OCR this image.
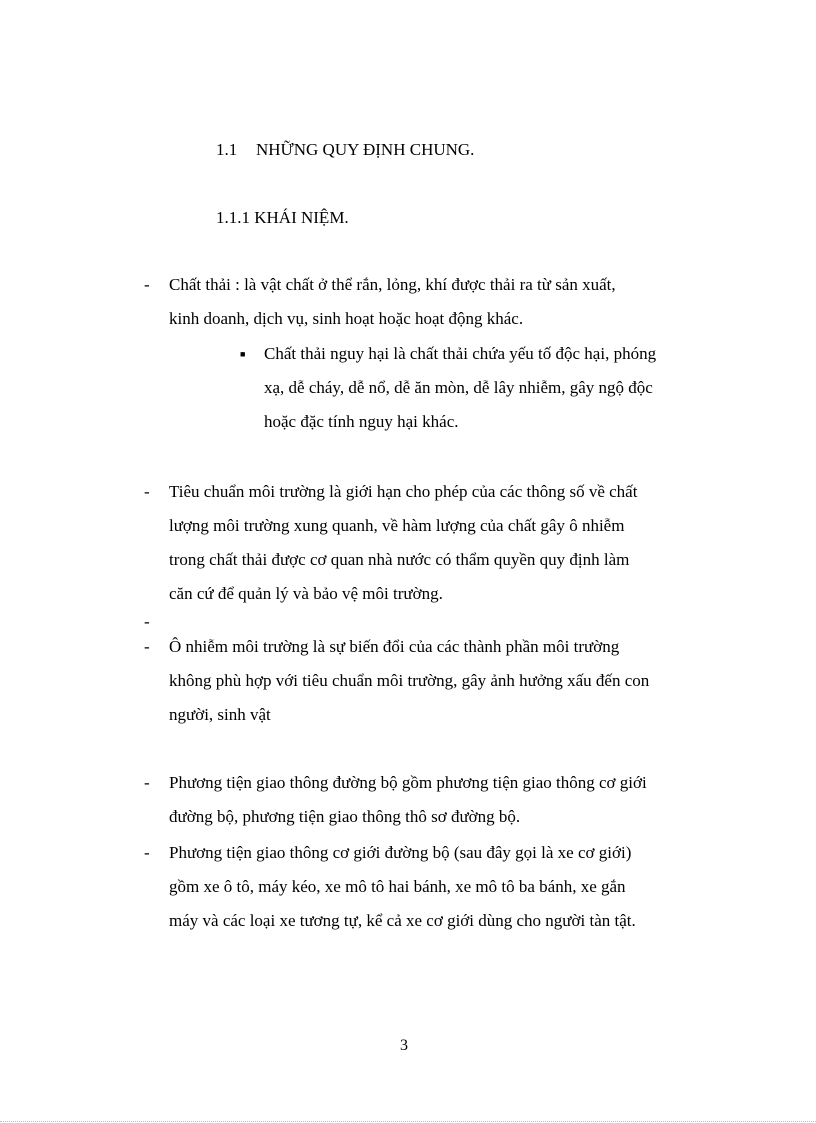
1.1 NHỮNG QUY ĐỊNH CHUNG.
1.1.1 KHÁI NIỆM.
- Chất thải : là vật chất ở thể rắn, lỏng, khí được thải ra từ sản xuất,
kinh doanh, dịch vụ, sinh hoạt hoặc hoạt động khác.
■ Chất thải nguy hại là chất thải chứa yếu tố độc hại, phóng
xạ, dễ cháy, dễ nổ, dễ ăn mòn, dễ lây nhiễm, gây ngộ độc
hoặc đặc tính nguy hại khác.
- Tiêu chuẩn môi trường là giới hạn cho phép của các thông số về chất
lượng môi trường xung quanh, về hàm lượng của chất gây ô nhiễm
trong chất thải được cơ quan nhà nước có thẩm quyền quy định làm
căn cứ để quản lý và bảo vệ môi trường.
-
- Ô nhiễm môi trường là sự biến đổi của các thành phần môi trường
không phù hợp với tiêu chuẩn môi trường, gây ảnh hưởng xấu đến con
người, sinh vật
- Phương tiện giao thông đường bộ gồm phương tiện giao thông cơ giới
đường bộ, phương tiện giao thông thô sơ đường bộ.
- Phương tiện giao thông cơ giới đường bộ (sau đây gọi là xe cơ giới)
gồm xe ô tô, máy kéo, xe mô tô hai bánh, xe mô tô ba bánh, xe gắn
máy và các loại xe tương tự, kể cả xe cơ giới dùng cho người tàn tật.
3
